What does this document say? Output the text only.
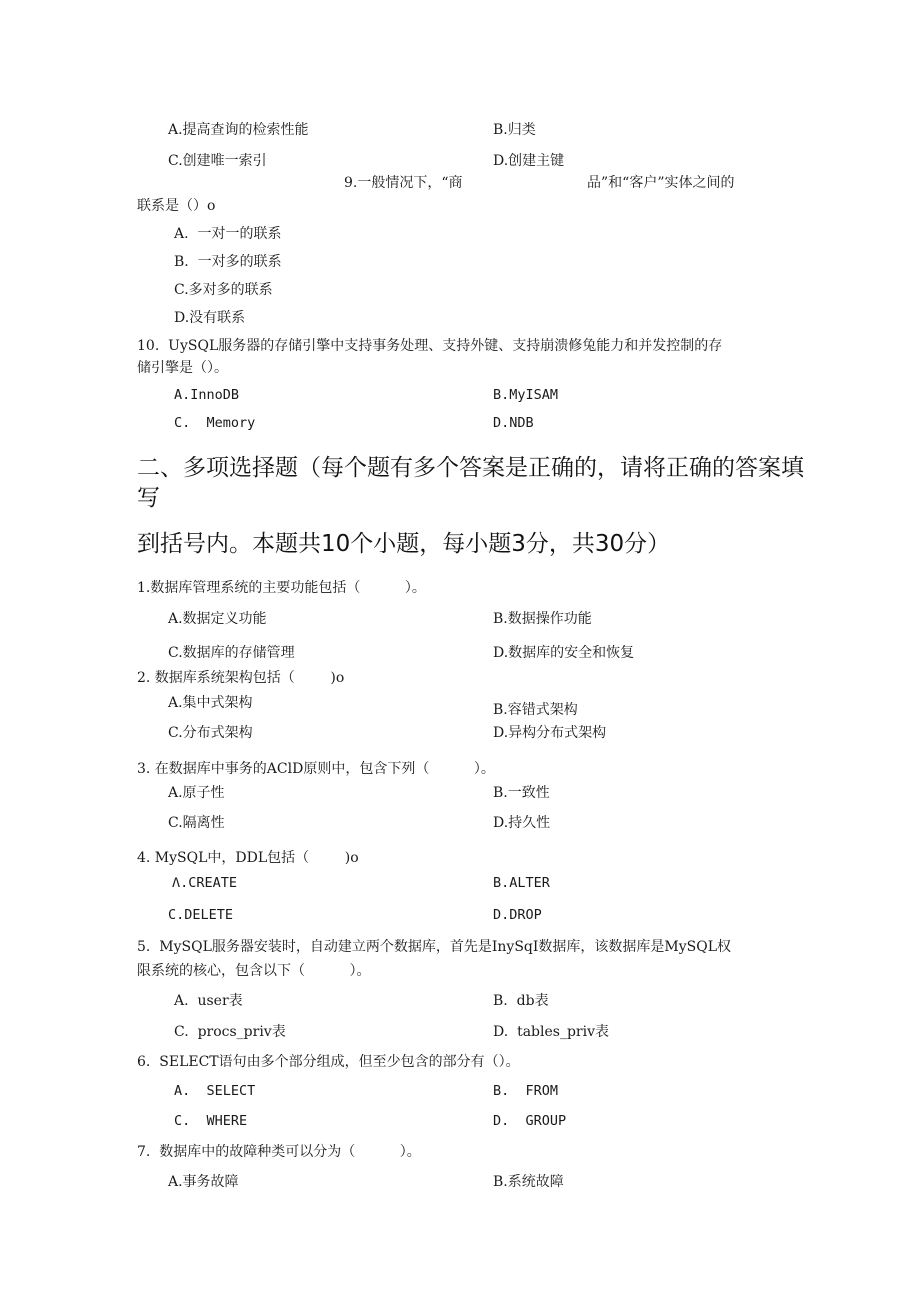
A.提高查询的检索性能	B.归类
C.创建唯一索引	D.创建主键
9.一般情况下，“商	品”和“客户”实体之间的
联系是（）o
A.  一对一的联系
B.  一对多的联系
C.多对多的联系
D.没有联系
10.  UySQL服务器的存储引擎中支持事务处理、支持外键、支持崩溃修兔能力和并发控制的存
储引擎是（）。
A.InnoDB	B.MyISAM
C.  Memory	D.NDB
二、多项选择题（每个题有多个答案是正确的，请将正确的答案填
写
到括号内。本题共10个小题，每小题3分，共30分）
1.数据库管理系统的主要功能包括（          ）。
A.数据定义功能	B.数据操作功能
C.数据库的存储管理	D.数据库的安全和恢复
2. 数据库系统架构包括（        )o
A.集中式架构	B.容错式架构
C.分布式架构	D.异构分布式架构
3. 在数据库中事务的AClD原则中，包含下列（          ）。
A.原子性	B.一致性
C.隔离性	D.持久性
4. MySQL中，DDL包括（        )o
Λ.CREATE	B.ALTER
C.DELETE	D.DROP
5.  MySQL服务器安装时，自动建立两个数据库，首先是InySqI数据库，该数据库是MySQL权
限系统的核心，包含以下（          ）。
A.  user表	B.  db表
C.  procs_priv表	D.  tables_priv表
6.  SELECT语句由多个部分组成，但至少包含的部分有（）。
A.  SELECT	B.  FROM
C.  WHERE	D.  GROUP
7.  数据库中的故障种类可以分为（          ）。
A.事务故障	B.系统故障
